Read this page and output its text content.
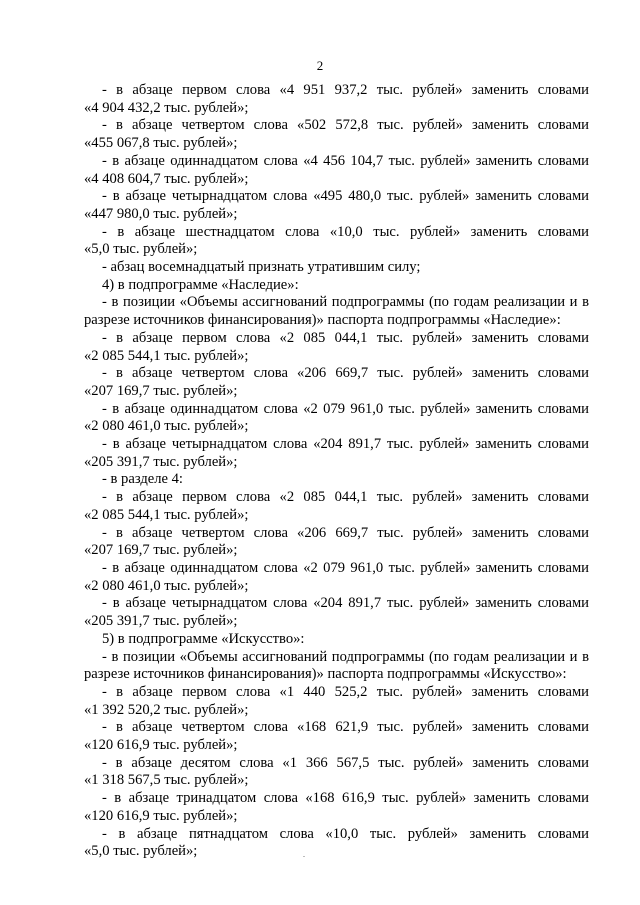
2
- в абзаце первом слова «4 951 937,2 тыс. рублей» заменить словами
«4 904 432,2 тыс. рублей»;
- в абзаце четвертом слова «502 572,8 тыс. рублей» заменить словами
«455 067,8 тыс. рублей»;
- в абзаце одиннадцатом слова «4 456 104,7 тыс. рублей» заменить словами
«4 408 604,7 тыс. рублей»;
- в абзаце четырнадцатом слова «495 480,0 тыс. рублей» заменить словами
«447 980,0 тыс. рублей»;
- в абзаце шестнадцатом слова «10,0 тыс. рублей» заменить словами
«5,0 тыс. рублей»;
- абзац восемнадцатый признать утратившим силу;
4) в подпрограмме «Наследие»:
- в позиции «Объемы ассигнований подпрограммы (по годам реализации и в
разрезе источников финансирования)» паспорта подпрограммы «Наследие»:
- в абзаце первом слова «2 085 044,1 тыс. рублей» заменить словами
«2 085 544,1 тыс. рублей»;
- в абзаце четвертом слова «206 669,7 тыс. рублей» заменить словами
«207 169,7 тыс. рублей»;
- в абзаце одиннадцатом слова «2 079 961,0 тыс. рублей» заменить словами
«2 080 461,0 тыс. рублей»;
- в абзаце четырнадцатом слова «204 891,7 тыс. рублей» заменить словами
«205 391,7 тыс. рублей»;
- в разделе 4:
- в абзаце первом слова «2 085 044,1 тыс. рублей» заменить словами
«2 085 544,1 тыс. рублей»;
- в абзаце четвертом слова «206 669,7 тыс. рублей» заменить словами
«207 169,7 тыс. рублей»;
- в абзаце одиннадцатом слова «2 079 961,0 тыс. рублей» заменить словами
«2 080 461,0 тыс. рублей»;
- в абзаце четырнадцатом слова «204 891,7 тыс. рублей» заменить словами
«205 391,7 тыс. рублей»;
5) в подпрограмме «Искусство»:
- в позиции «Объемы ассигнований подпрограммы (по годам реализации и в
разрезе источников финансирования)» паспорта подпрограммы «Искусство»:
- в абзаце первом слова «1 440 525,2 тыс. рублей» заменить словами
«1 392 520,2 тыс. рублей»;
- в абзаце четвертом слова «168 621,9 тыс. рублей» заменить словами
«120 616,9 тыс. рублей»;
- в абзаце десятом слова «1 366 567,5 тыс. рублей» заменить словами
«1 318 567,5 тыс. рублей»;
- в абзаце тринадцатом слова «168 616,9 тыс. рублей» заменить словами
«120 616,9 тыс. рублей»;
- в абзаце пятнадцатом слова «10,0 тыс. рублей» заменить словами
«5,0 тыс. рублей»;
